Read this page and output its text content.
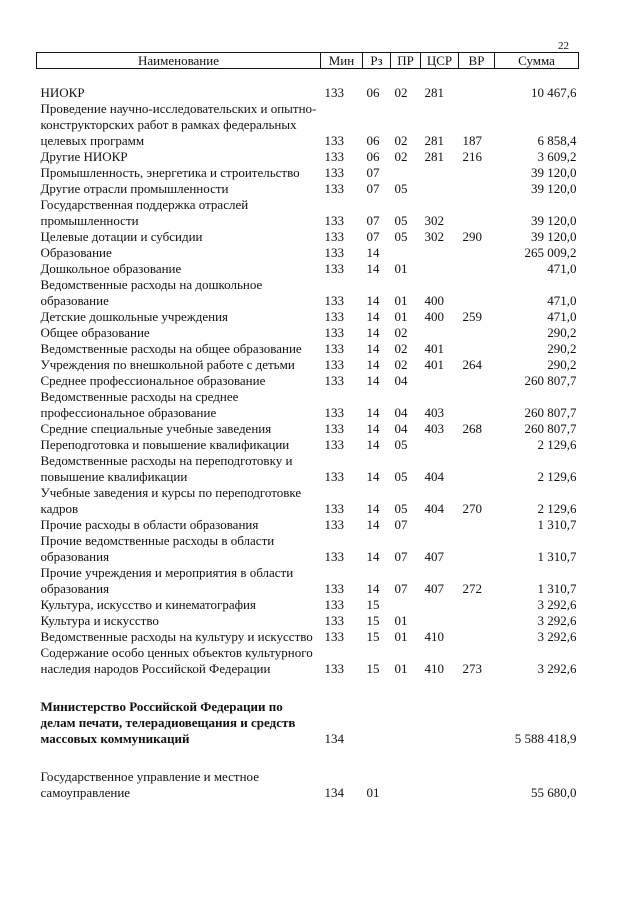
22
Наименование	Мин	Рз	ПР	ЦСР	ВР	Сумма
НИОКР	133	06	02	281		10 467,6
Проведение научно-исследовательских и опытно-конструкторских работ в рамках федеральных целевых программ	133	06	02	281	187	6 858,4
Другие НИОКР	133	06	02	281	216	3 609,2
Промышленность, энергетика и строительство	133	07				39 120,0
Другие отрасли промышленности	133	07	05			39 120,0
Государственная поддержка отраслей промышленности	133	07	05	302		39 120,0
Целевые дотации и субсидии	133	07	05	302	290	39 120,0
Образование	133	14				265 009,2
Дошкольное образование	133	14	01			471,0
Ведомственные расходы на дошкольное образование	133	14	01	400		471,0
Детские дошкольные учреждения	133	14	01	400	259	471,0
Общее образование	133	14	02			290,2
Ведомственные расходы на общее образование	133	14	02	401		290,2
Учреждения по внешкольной работе с детьми	133	14	02	401	264	290,2
Среднее профессиональное образование	133	14	04			260 807,7
Ведомственные расходы на среднее профессиональное образование	133	14	04	403		260 807,7
Средние специальные учебные заведения	133	14	04	403	268	260 807,7
Переподготовка и повышение квалификации	133	14	05			2 129,6
Ведомственные расходы на переподготовку и повышение квалификации	133	14	05	404		2 129,6
Учебные заведения и курсы по переподготовке кадров	133	14	05	404	270	2 129,6
Прочие расходы в области образования	133	14	07			1 310,7
Прочие ведомственные расходы в области образования	133	14	07	407		1 310,7
Прочие учреждения и мероприятия в области образования	133	14	07	407	272	1 310,7
Культура, искусство и кинематография	133	15				3 292,6
Культура и искусство	133	15	01			3 292,6
Ведомственные расходы на культуру и искусство	133	15	01	410		3 292,6
Содержание особо ценных объектов культурного наследия народов Российской Федерации	133	15	01	410	273	3 292,6
Министерство Российской Федерации по делам печати, телерадиовещания и средств массовых коммуникаций	134					5 588 418,9
Государственное управление и местное самоуправление	134	01				55 680,0
